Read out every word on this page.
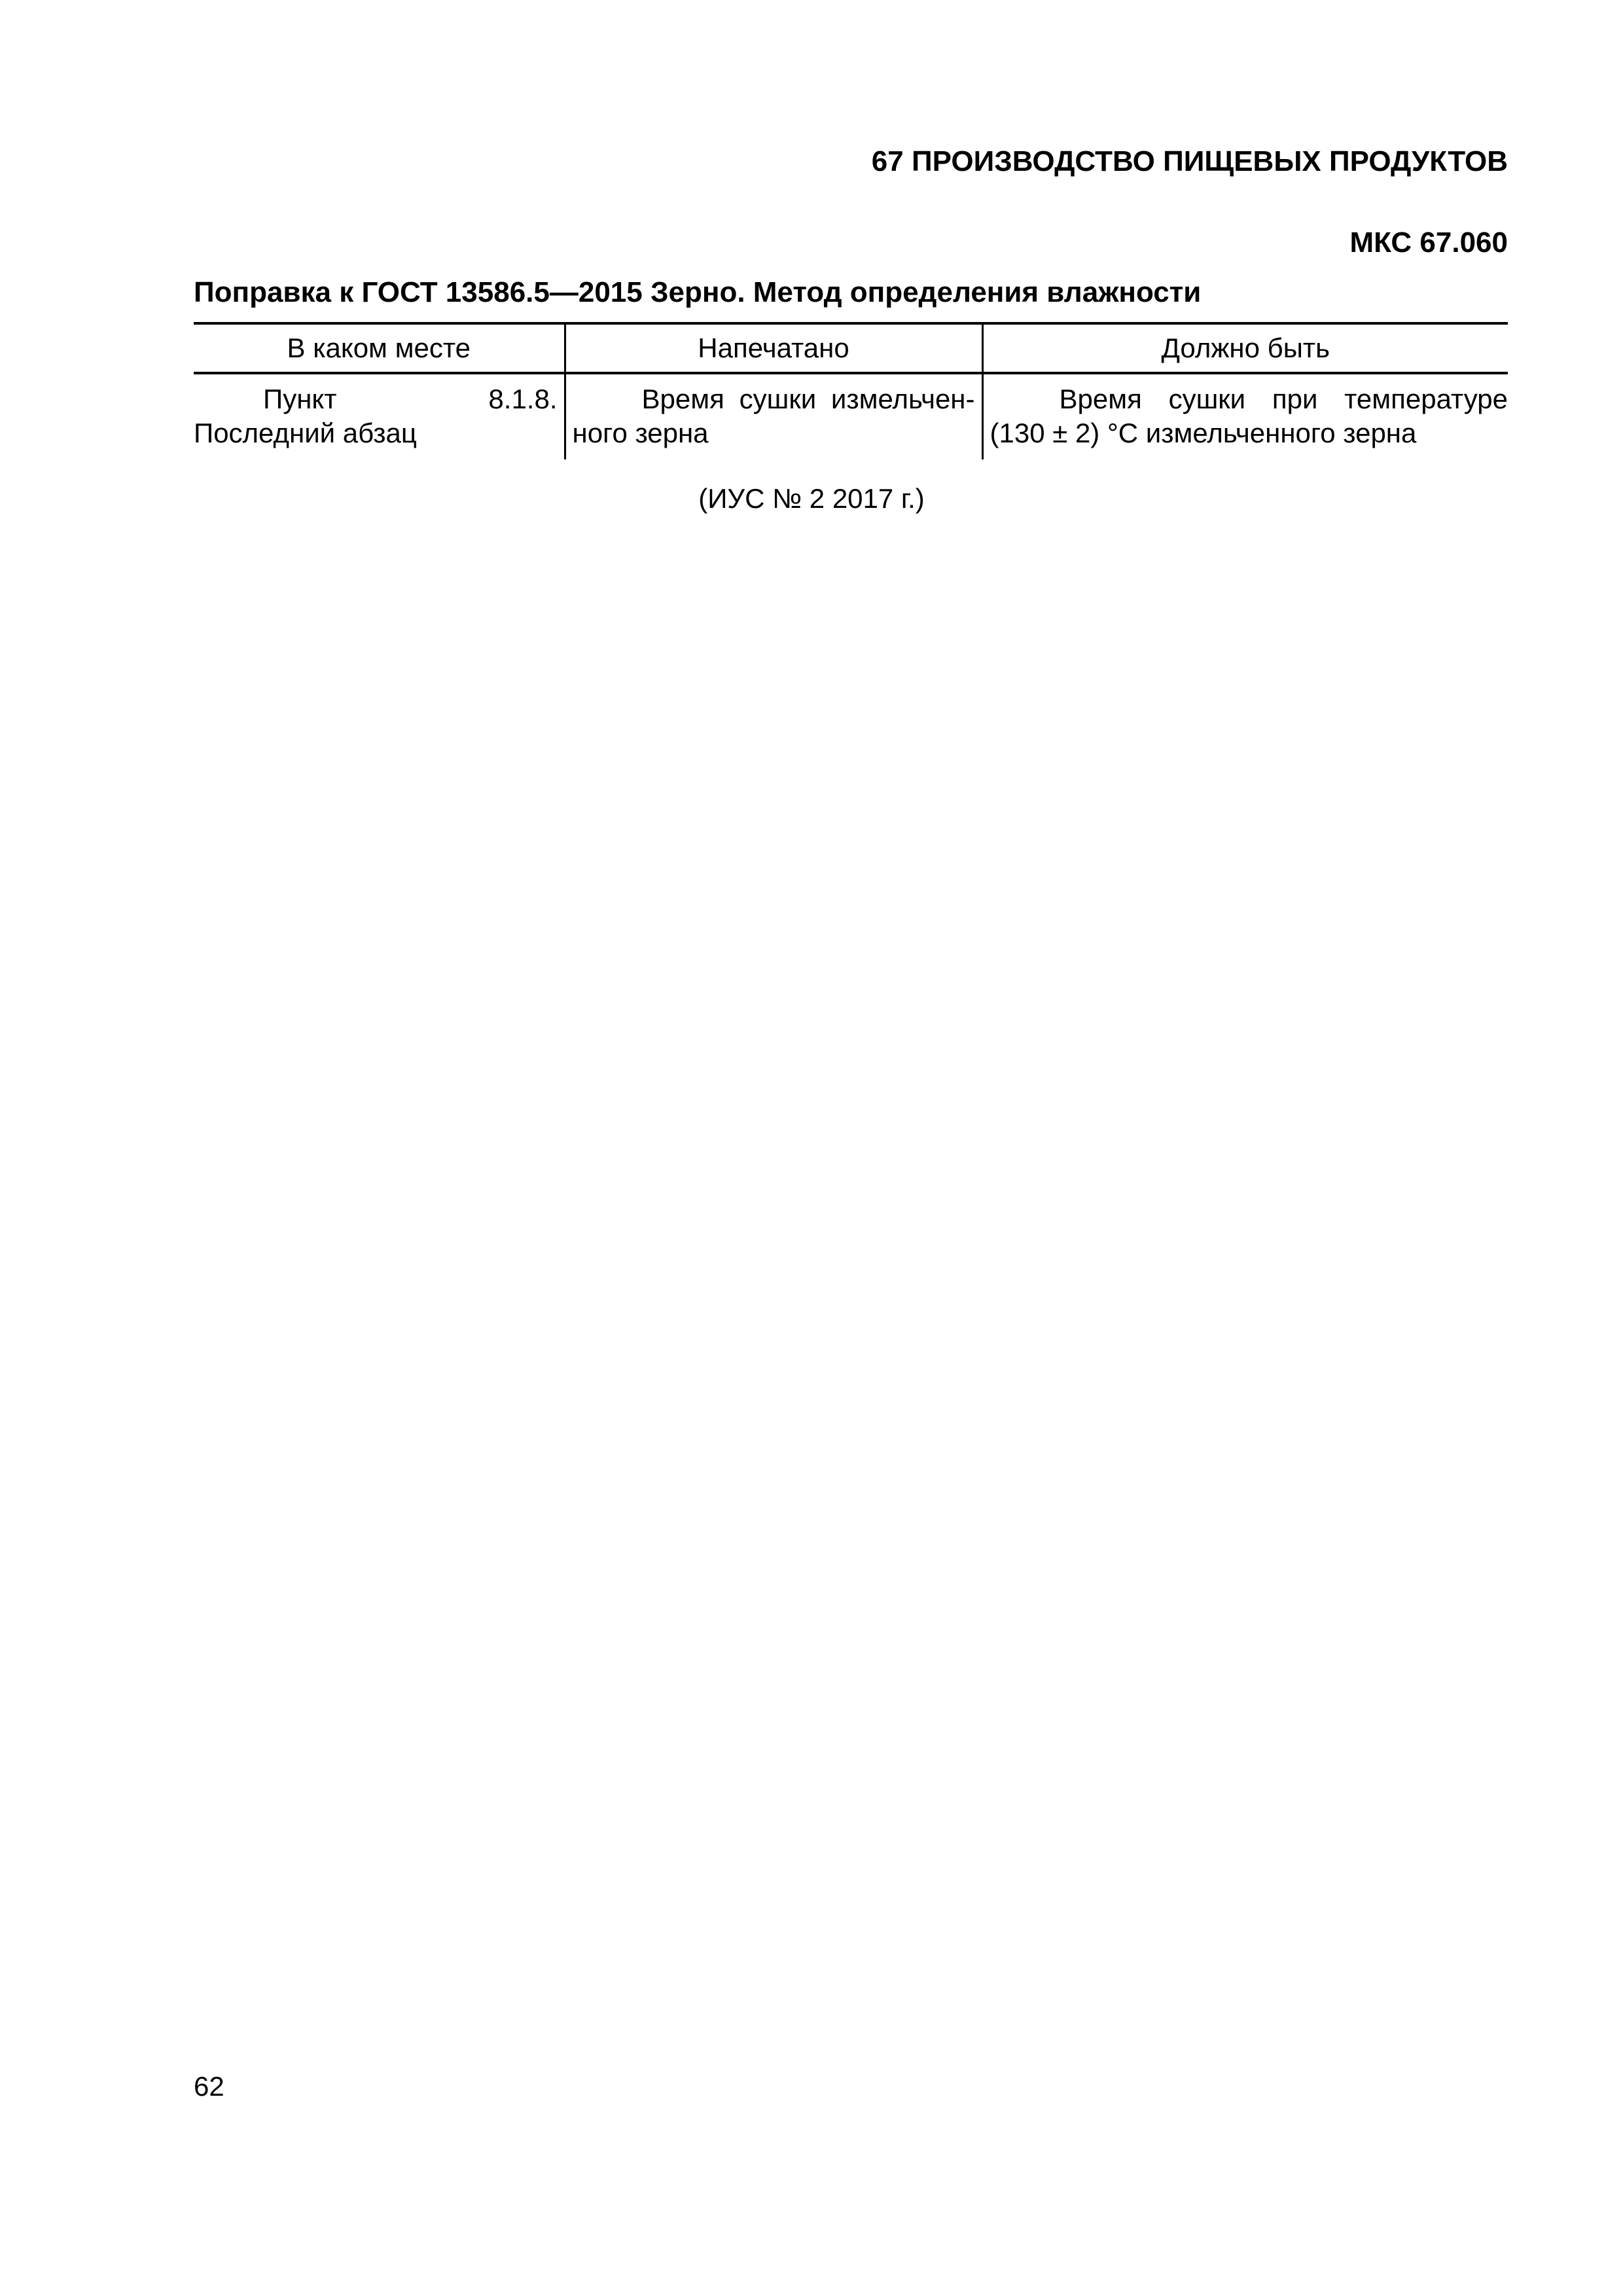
67 ПРОИЗВОДСТВО ПИЩЕВЫХ ПРОДУКТОВ
МКС 67.060
Поправка к ГОСТ 13586.5—2015 Зерно. Метод определения влажности
В каком месте	Напечатано	Должно быть
Пункт 8.1.8. Последний абзац	Время сушки измельчен-ного зерна	Время сушки при температуре (130 ± 2) °С измельченного зерна
(ИУС № 2 2017 г.)
62
